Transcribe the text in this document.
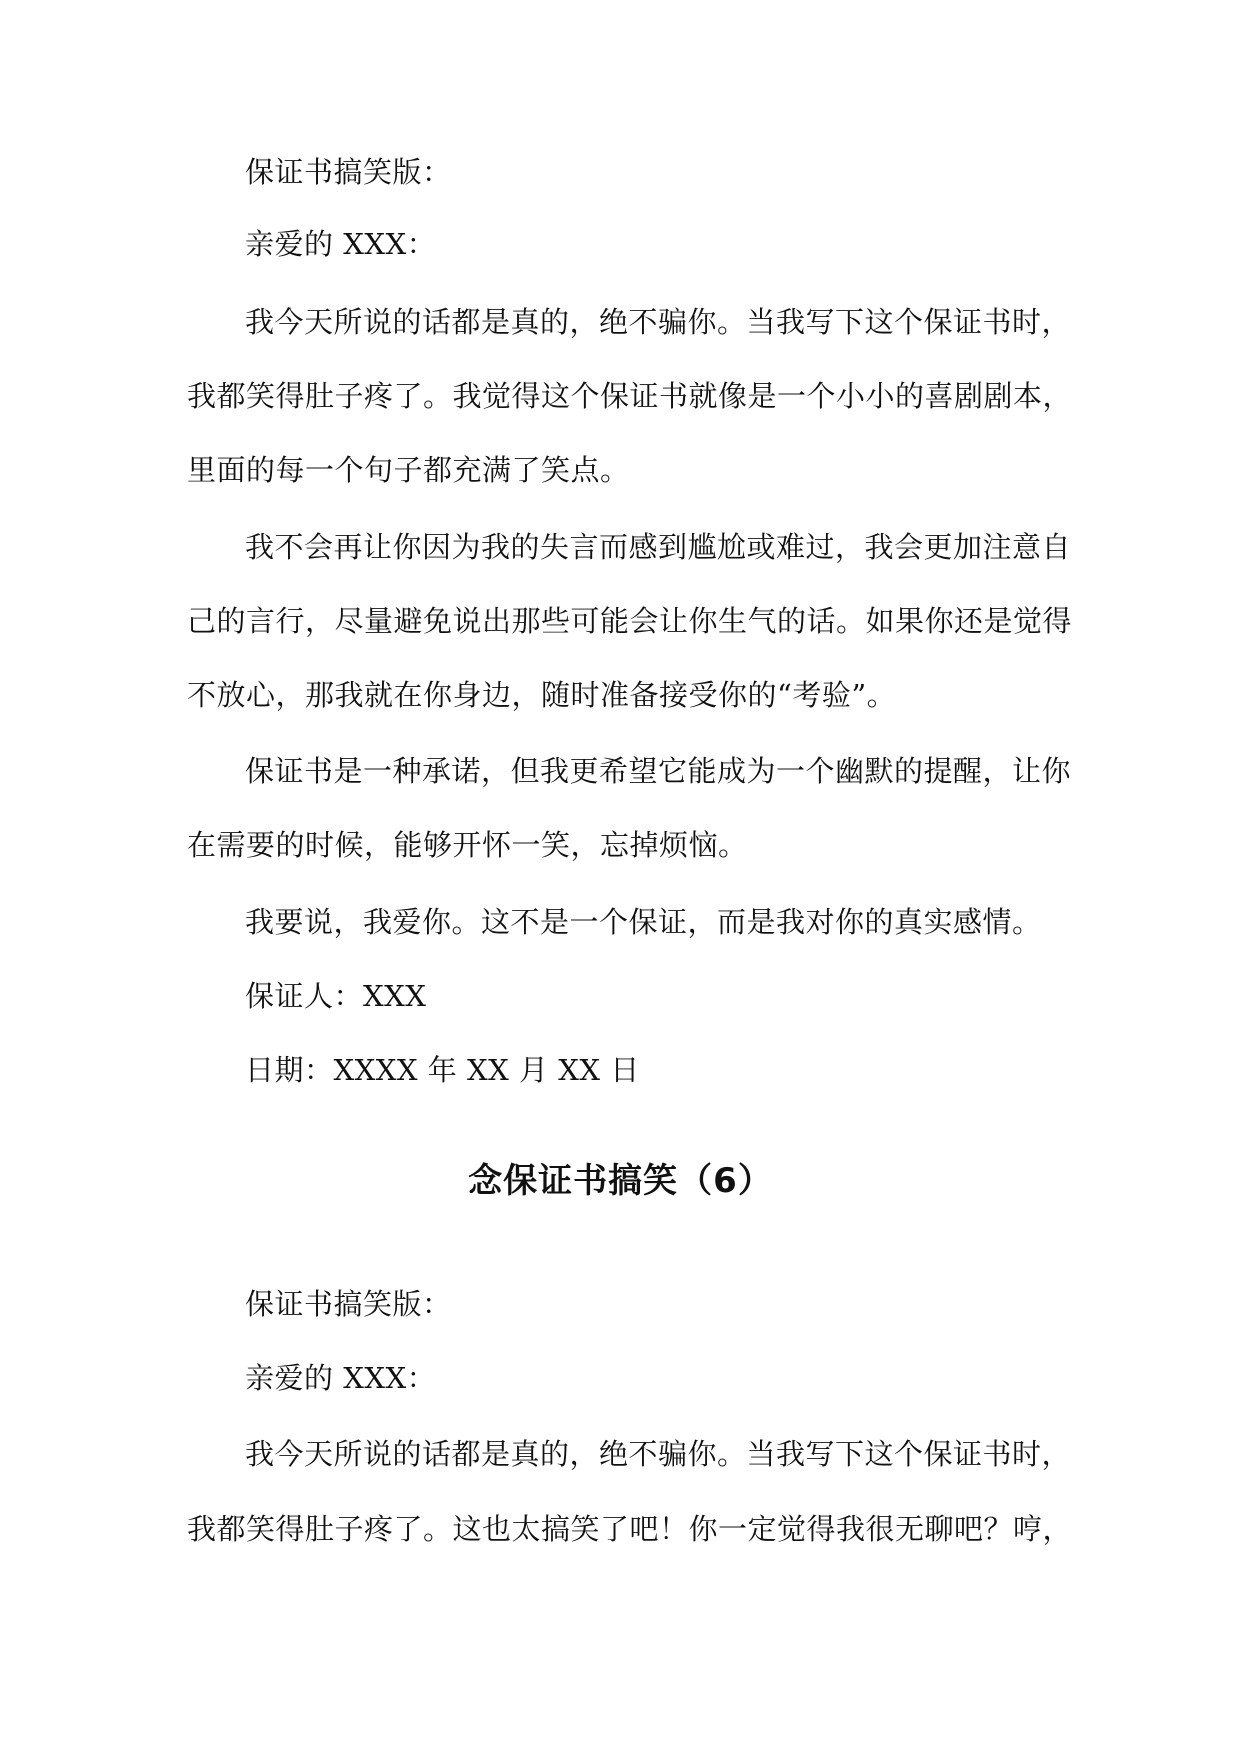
保证书搞笑版：
亲爱的 XXX：
我今天所说的话都是真的，绝不骗你。当我写下这个保证书时，
我都笑得肚子疼了。我觉得这个保证书就像是一个小小的喜剧剧本，
里面的每一个句子都充满了笑点。
我不会再让你因为我的失言而感到尴尬或难过，我会更加注意自
己的言行，尽量避免说出那些可能会让你生气的话。如果你还是觉得
不放心，那我就在你身边，随时准备接受你的“考验”。
保证书是一种承诺，但我更希望它能成为一个幽默的提醒，让你
在需要的时候，能够开怀一笑，忘掉烦恼。
我要说，我爱你。这不是一个保证，而是我对你的真实感情。
保证人：XXX
日期：XXXX 年 XX 月 XX 日
念保证书搞笑（6）
保证书搞笑版：
亲爱的 XXX：
我今天所说的话都是真的，绝不骗你。当我写下这个保证书时，
我都笑得肚子疼了。这也太搞笑了吧！你一定觉得我很无聊吧？哼，
